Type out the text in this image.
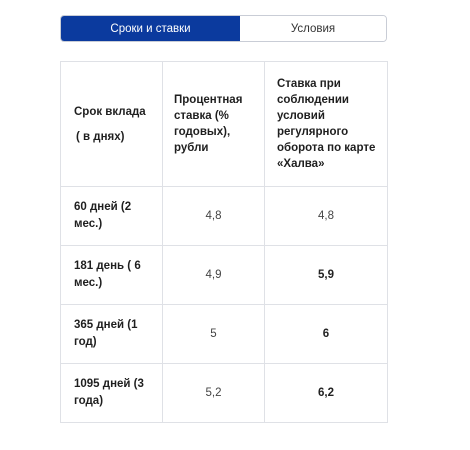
Сроки и ставки	Условия
Срок вклада
( в днях)	Процентная ставка (% годовых), рубли	Ставка при соблюдении условий регулярного оборота по карте «Халва»

60 дней (2 мес.)	4,8	4,8
181 день ( 6 мес.)	4,9	5,9
365 дней (1 год)	5	6
1095 дней (3 года)	5,2	6,2
